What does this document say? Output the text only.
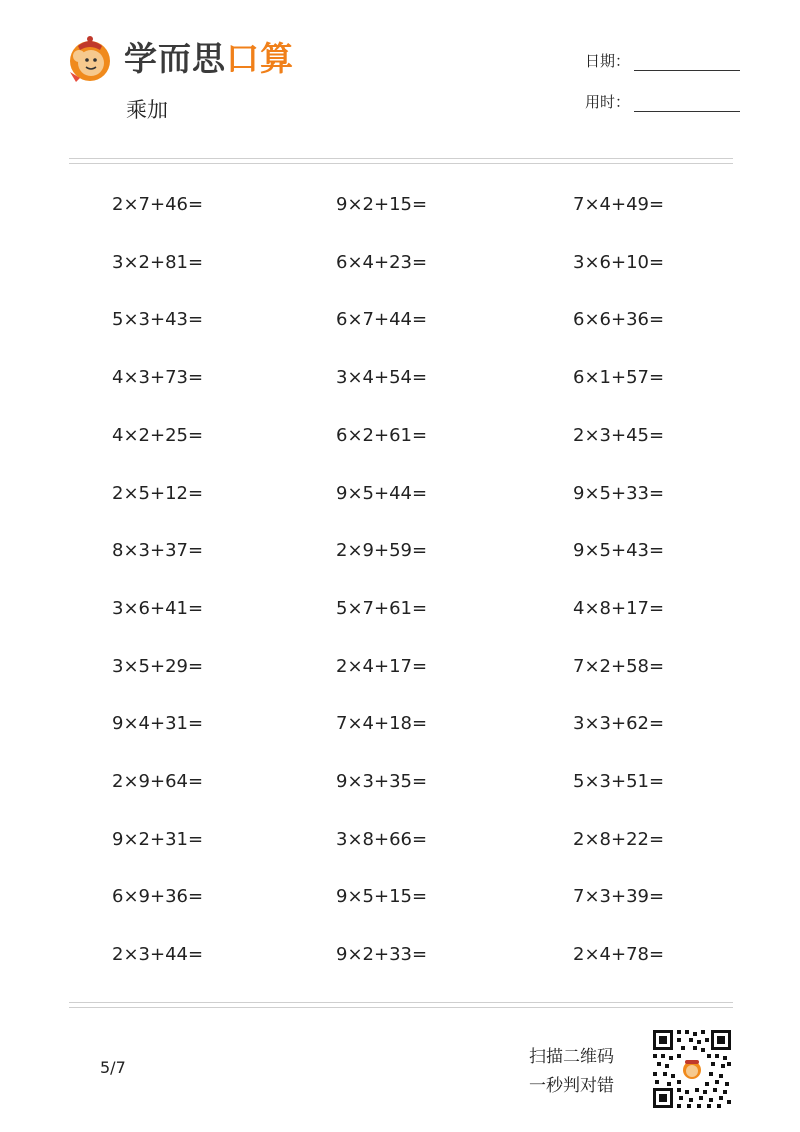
学而思口算
乘加
日期：
用时：
2×7+46=	9×2+15=	7×4+49=
3×2+81=	6×4+23=	3×6+10=
5×3+43=	6×7+44=	6×6+36=
4×3+73=	3×4+54=	6×1+57=
4×2+25=	6×2+61=	2×3+45=
2×5+12=	9×5+44=	9×5+33=
8×3+37=	2×9+59=	9×5+43=
3×6+41=	5×7+61=	4×8+17=
3×5+29=	2×4+17=	7×2+58=
9×4+31=	7×4+18=	3×3+62=
2×9+64=	9×3+35=	5×3+51=
9×2+31=	3×8+66=	2×8+22=
6×9+36=	9×5+15=	7×3+39=
2×3+44=	9×2+33=	2×4+78=
5/7
扫描二维码
一秒判对错
